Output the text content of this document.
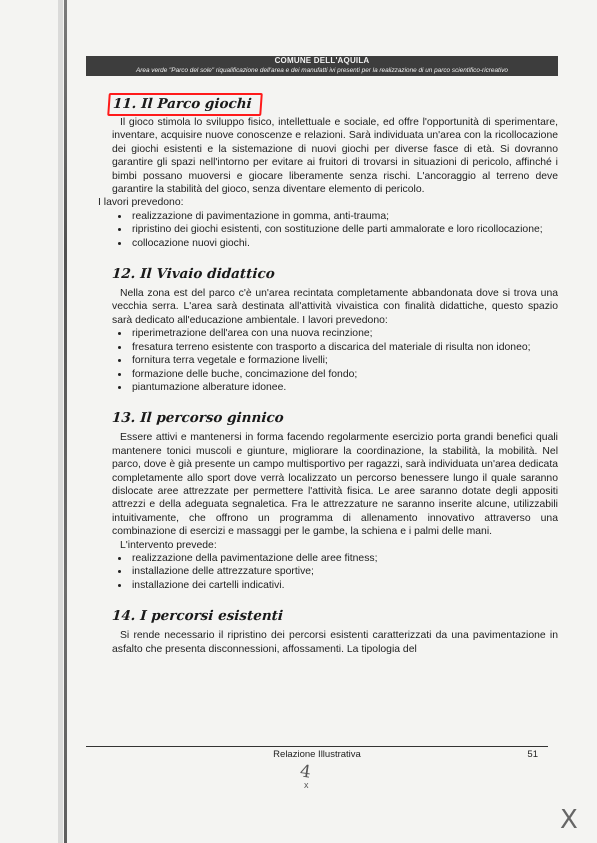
COMUNE DELL'AQUILA
Area verde "Parco del sole" riqualificazione dell'area e dei manufatti ivi presenti per la realizzazione di un parco scientifico-ricreativo
11. Il Parco giochi

Il gioco stimola lo sviluppo fisico, intellettuale e sociale, ed offre l'opportunità di sperimentare, inventare, acquisire nuove conoscenze e relazioni. Sarà individuata un'area con la ricollocazione dei giochi esistenti e la sistemazione di nuovi giochi per diverse fasce di età. Si dovranno garantire gli spazi nell'intorno per evitare ai fruitori di trovarsi in situazioni di pericolo, affinché i bimbi possano muoversi e giocare liberamente senza rischi. L'ancoraggio al terreno deve garantire la stabilità del gioco, senza diventare elemento di pericolo.

I lavori prevedono:

realizzazione di pavimentazione in gomma, anti-trauma;
ripristino dei giochi esistenti, con sostituzione delle parti ammalorate e loro ricollocazione;
collocazione nuovi giochi.
12. Il Vivaio didattico

Nella zona est del parco c'è un'area recintata completamente abbandonata dove si trova una vecchia serra. L'area sarà destinata all'attività vivaistica con finalità didattiche, questo spazio sarà dedicato all'educazione ambientale. I lavori prevedono:

riperimetrazione dell'area con una nuova recinzione;
fresatura terreno esistente con trasporto a discarica del materiale di risulta non idoneo;
fornitura terra vegetale e formazione livelli;
formazione delle buche, concimazione del fondo;
piantumazione alberature idonee.
13. Il percorso ginnico

Essere attivi e mantenersi in forma facendo regolarmente esercizio porta grandi benefici quali mantenere tonici muscoli e giunture, migliorare la coordinazione, la stabilità, la mobilità. Nel parco, dove è già presente un campo multisportivo per ragazzi, sarà individuata un'area dedicata completamente allo sport dove verrà localizzato un percorso benessere lungo il quale saranno dislocate aree attrezzate per permettere l'attività fisica. Le aree saranno dotate degli appositi attrezzi e della adeguata segnaletica. Fra le attrezzature ne saranno inserite alcune, utilizzabili intuitivamente, che offrono un programma di allenamento innovativo attraverso una combinazione di esercizi e massaggi per le gambe, la schiena e i palmi delle mani.

L'intervento prevede:

realizzazione della pavimentazione delle aree fitness;
installazione delle attrezzature sportive;
installazione dei cartelli indicativi.
14. I percorsi esistenti

Si rende necessario il ripristino dei percorsi esistenti caratterizzati da una pavimentazione in asfalto che presenta disconnessioni, affossamenti. La tipologia del

Relazione Illustrativa	51
4
x
X
